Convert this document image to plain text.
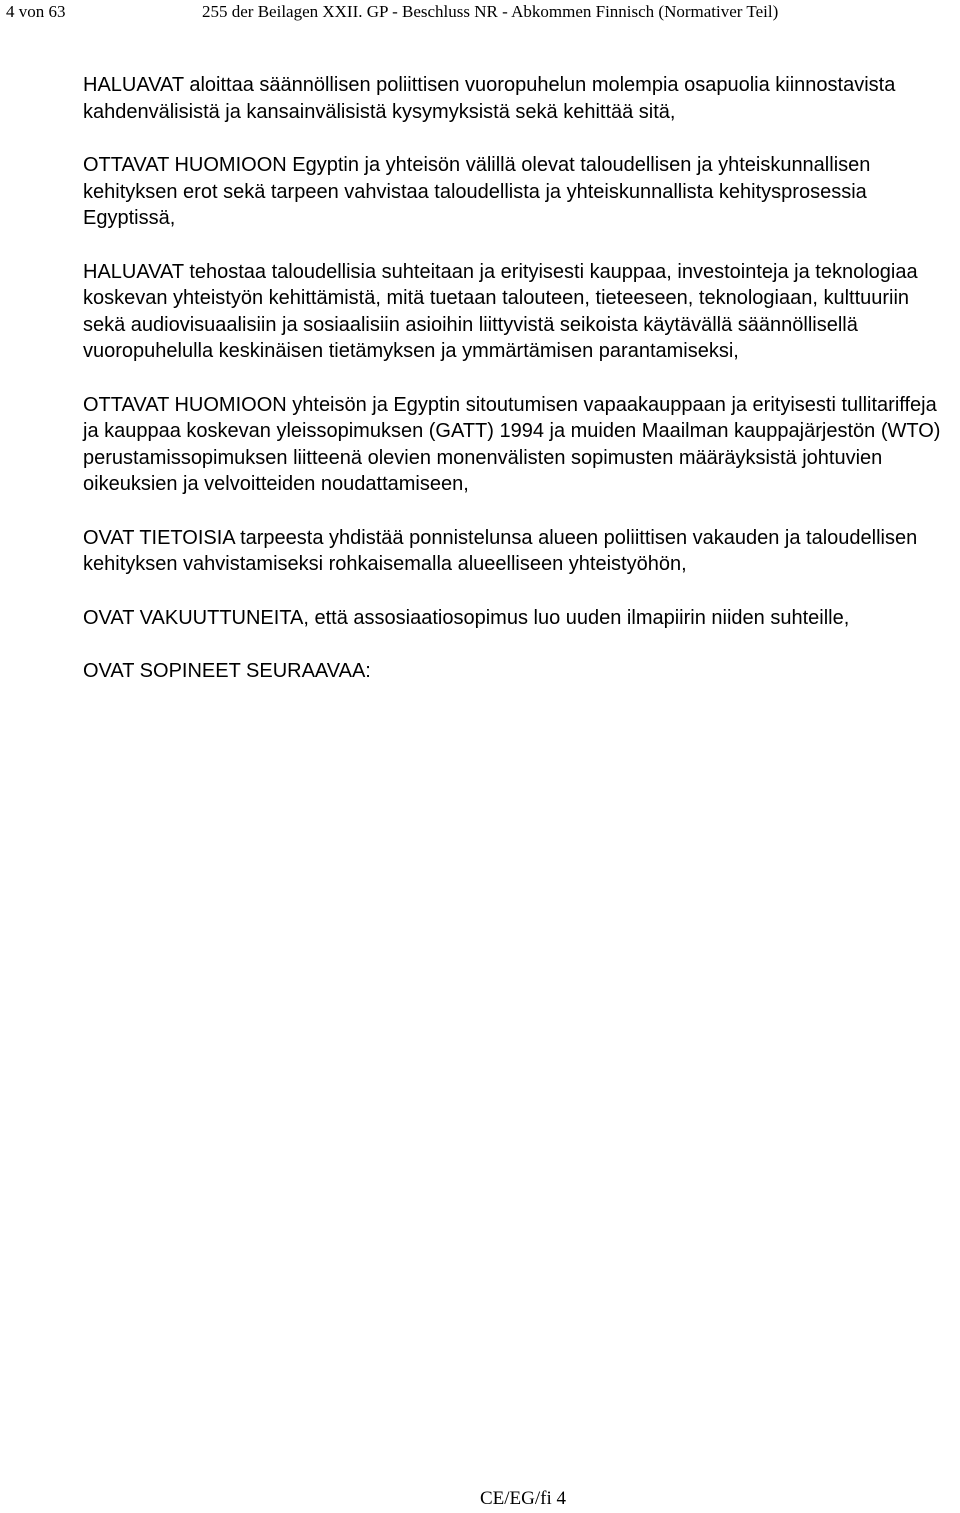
4 von 63	255 der Beilagen XXII. GP - Beschluss NR - Abkommen Finnisch (Normativer Teil)

HALUAVAT aloittaa säännöllisen poliittisen vuoropuhelun molempia osapuolia kiinnostavista kahdenvälisistä ja kansainvälisistä kysymyksistä sekä kehittää sitä,

OTTAVAT HUOMIOON Egyptin ja yhteisön välillä olevat taloudellisen ja yhteiskunnallisen kehityksen erot sekä tarpeen vahvistaa taloudellista ja yhteiskunnallista kehitysprosessia Egyptissä,

HALUAVAT tehostaa taloudellisia suhteitaan ja erityisesti kauppaa, investointeja ja teknologiaa koskevan yhteistyön kehittämistä, mitä tuetaan talouteen, tieteeseen, teknologiaan, kulttuuriin sekä audiovisuaalisiin ja sosiaalisiin asioihin liittyvistä seikoista käytävällä säännöllisellä vuoropuhelulla keskinäisen tietämyksen ja ymmärtämisen parantamiseksi,

OTTAVAT HUOMIOON yhteisön ja Egyptin sitoutumisen vapaakauppaan ja erityisesti tullitariffeja ja kauppaa koskevan yleissopimuksen (GATT) 1994 ja muiden Maailman kauppajärjestön (WTO) perustamissopimuksen liitteenä olevien monenvälisten sopimusten määräyksistä johtuvien oikeuksien ja velvoitteiden noudattamiseen,

OVAT TIETOISIA tarpeesta yhdistää ponnistelunsa alueen poliittisen vakauden ja taloudellisen kehityksen vahvistamiseksi rohkaisemalla alueelliseen yhteistyöhön,

OVAT VAKUUTTUNEITA, että assosiaatiosopimus luo uuden ilmapiirin niiden suhteille,

OVAT SOPINEET SEURAAVAA:

CE/EG/fi 4
